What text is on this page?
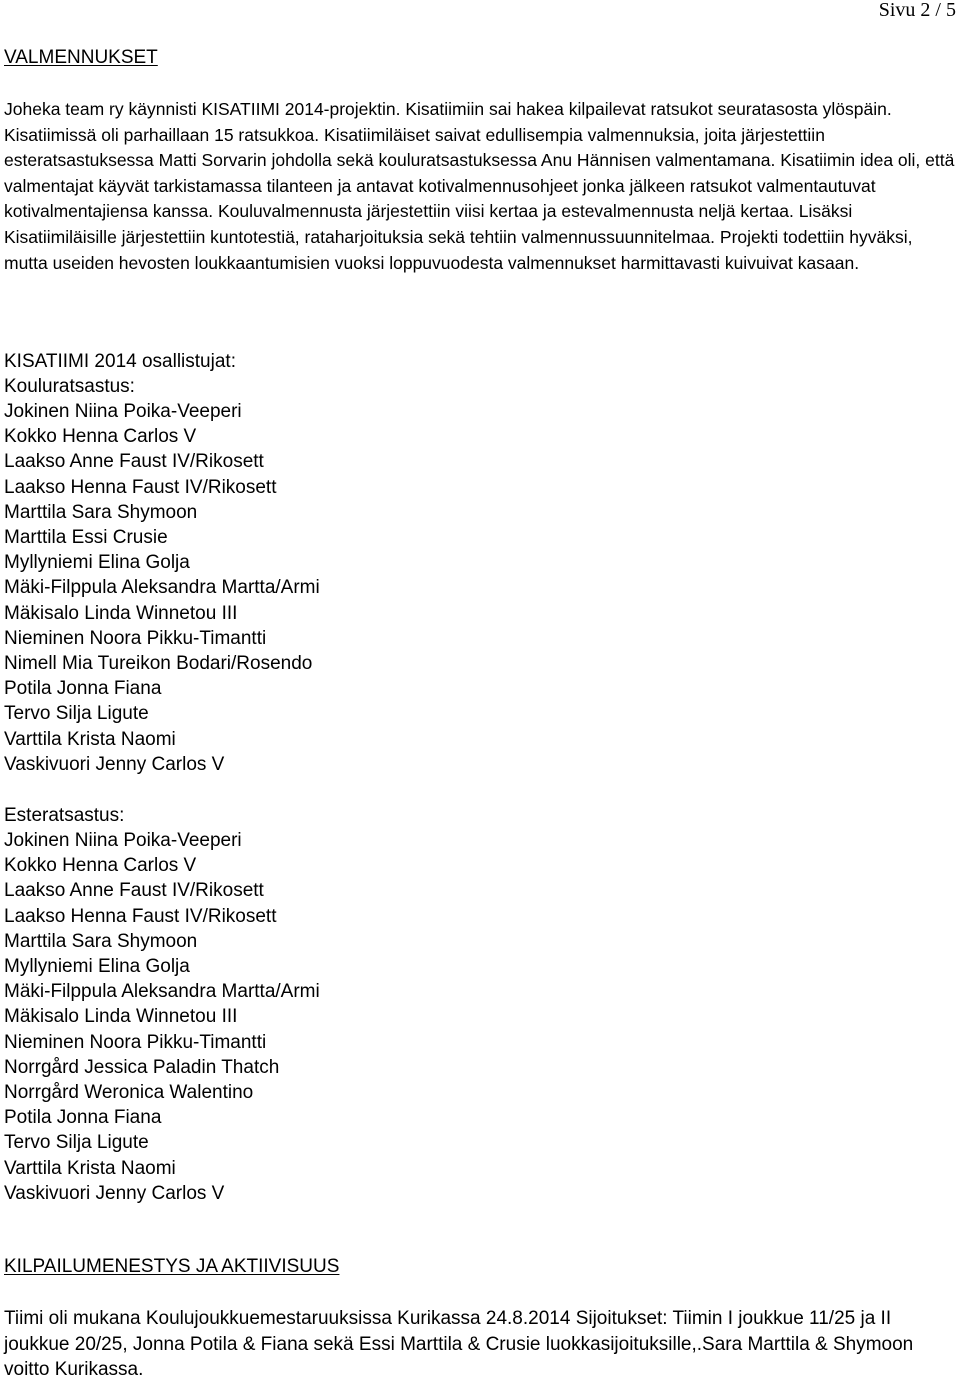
Sivu 2 / 5
VALMENNUKSET

Joheka team ry käynnisti KISATIIMI 2014-projektin. Kisatiimiin sai hakea kilpailevat ratsukot seuratasosta ylöspäin. Kisatiimissä oli parhaillaan 15 ratsukkoa. Kisatiimiläiset saivat edullisempia valmennuksia, joita järjestettiin esteratsastuksessa Matti Sorvarin johdolla sekä kouluratsastuksessa Anu Hännisen valmentamana. Kisatiimin idea oli, että valmentajat käyvät tarkistamassa tilanteen ja antavat kotivalmennusohjeet jonka jälkeen ratsukot valmentautuvat kotivalmentajiensa kanssa. Kouluvalmennusta järjestettiin viisi kertaa ja estevalmennusta neljä kertaa. Lisäksi Kisatiimiläisille järjestettiin kuntotestiä, rataharjoituksia sekä tehtiin valmennussuunnitelmaa. Projekti todettiin hyväksi, mutta useiden hevosten loukkaantumisien vuoksi loppuvuodesta valmennukset harmittavasti kuivuivat kasaan.

KISATIIMI 2014 osallistujat:
Kouluratsastus:
Jokinen Niina Poika-Veeperi
Kokko Henna Carlos V
Laakso Anne Faust IV/Rikosett
Laakso Henna Faust IV/Rikosett
Marttila Sara Shymoon
Marttila Essi Crusie
Myllyniemi Elina Golja
Mäki-Filppula Aleksandra Martta/Armi
Mäkisalo Linda Winnetou III
Nieminen Noora Pikku-Timantti
Nimell Mia Tureikon Bodari/Rosendo
Potila Jonna Fiana
Tervo Silja Ligute
Varttila Krista Naomi
Vaskivuori Jenny Carlos V
Esteratsastus:
Jokinen Niina Poika-Veeperi
Kokko Henna Carlos V
Laakso Anne Faust IV/Rikosett
Laakso Henna Faust IV/Rikosett
Marttila Sara Shymoon
Myllyniemi Elina Golja
Mäki-Filppula Aleksandra Martta/Armi
Mäkisalo Linda Winnetou III
Nieminen Noora Pikku-Timantti
Norrgård Jessica Paladin Thatch
Norrgård Weronica Walentino
Potila Jonna Fiana
Tervo Silja Ligute
Varttila Krista Naomi
Vaskivuori Jenny Carlos V
KILPAILUMENESTYS JA AKTIIVISUUS

Tiimi oli mukana Koulujoukkuemestaruuksissa Kurikassa 24.8.2014 Sijoitukset: Tiimin I joukkue 11/25 ja II joukkue 20/25, Jonna Potila & Fiana sekä Essi Marttila & Crusie luokkasijoituksille,.Sara Marttila & Shymoon voitto Kurikassa.
